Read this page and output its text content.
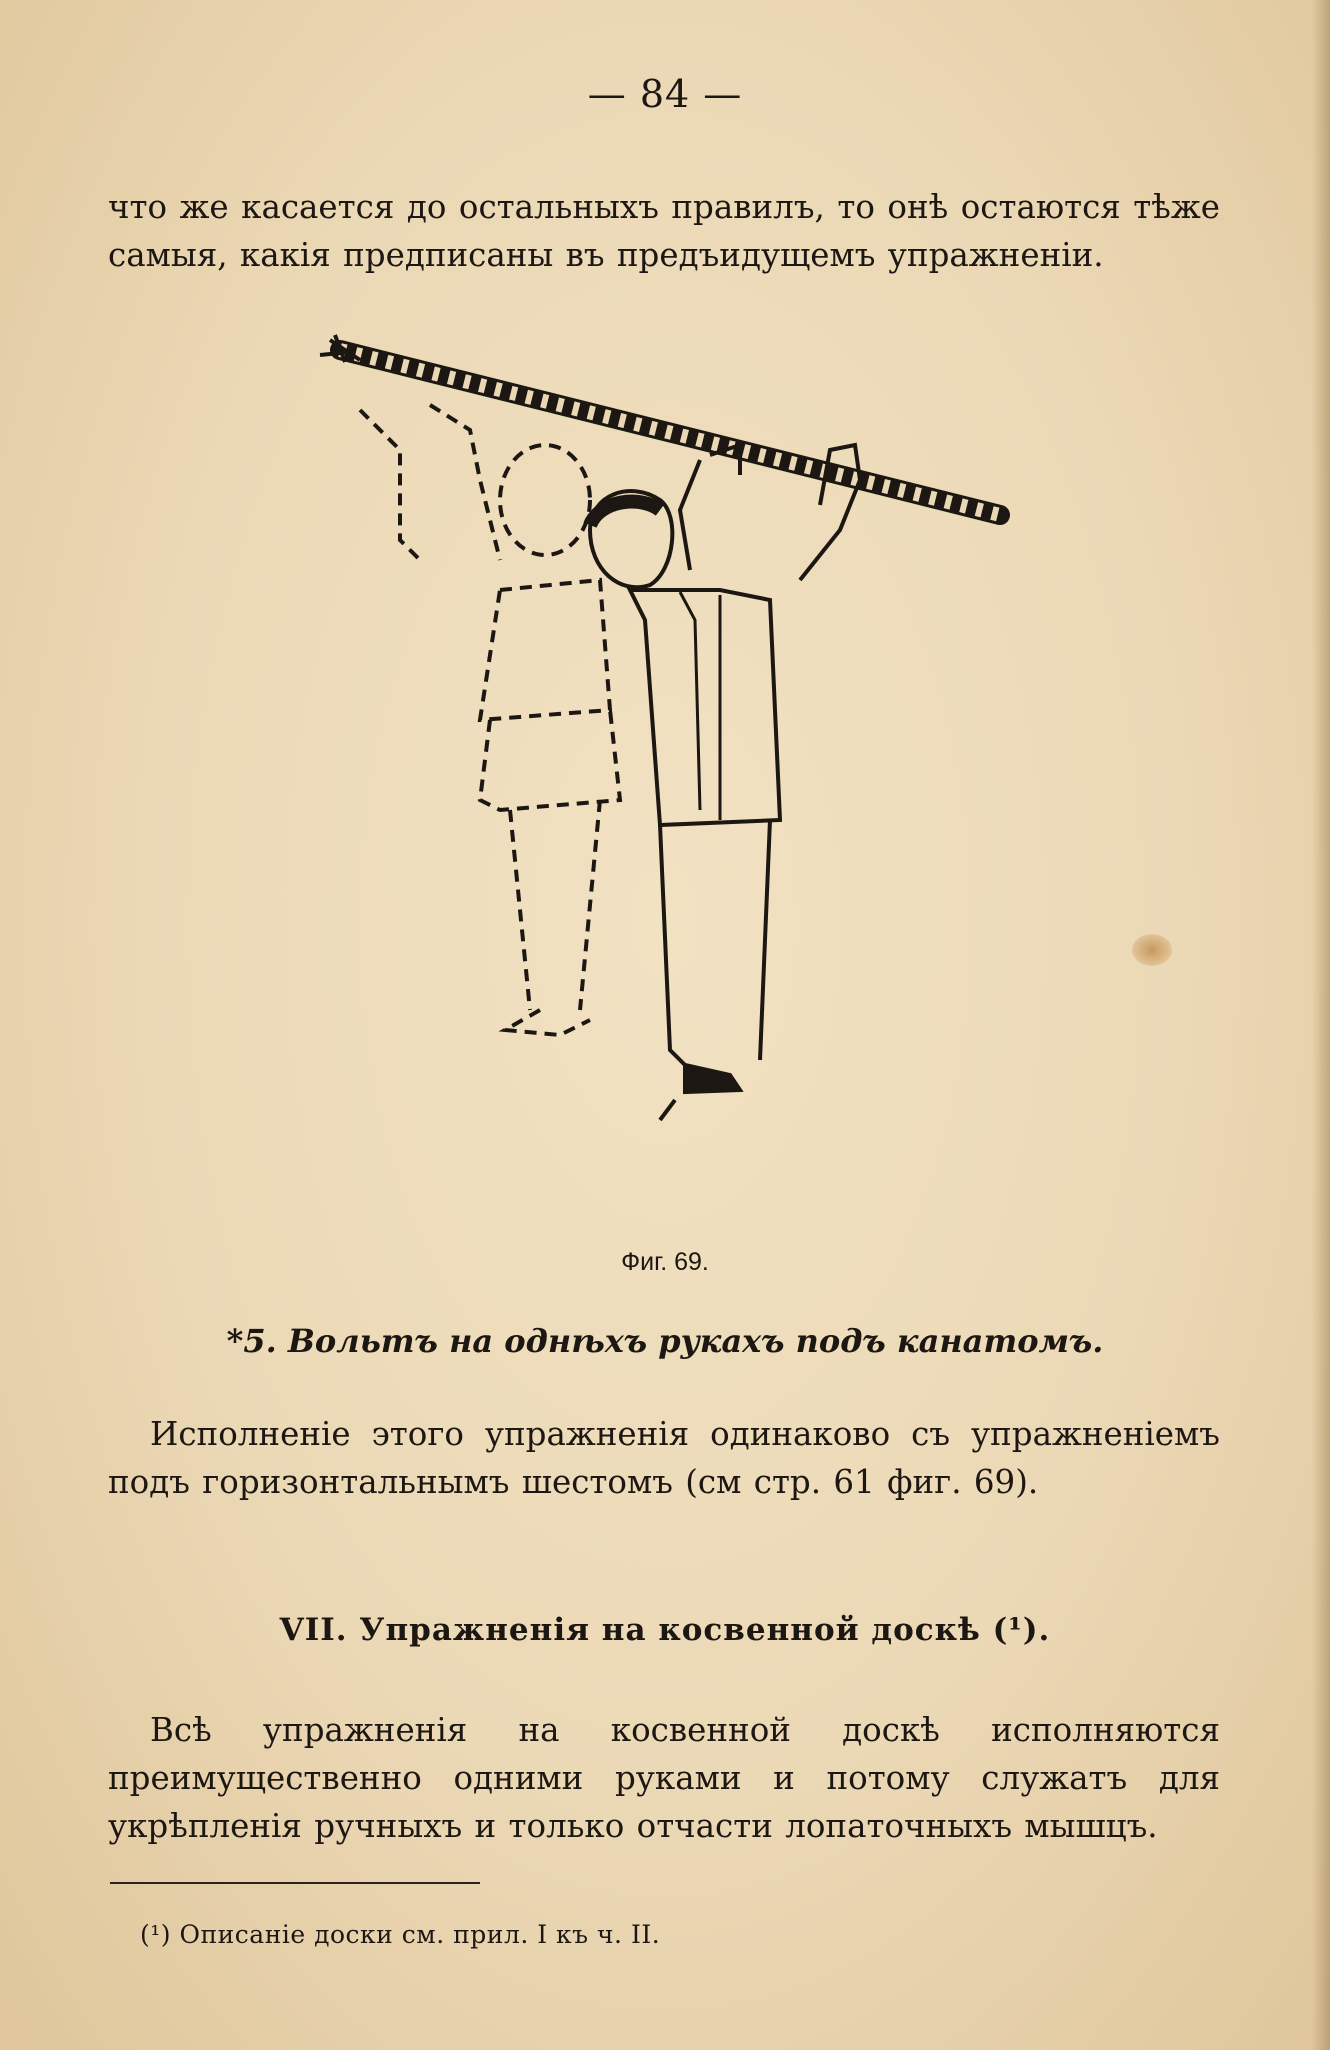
— 84 —
что же касается до остальныхъ правилъ, то онѣ остаются тѣже самыя, какія предписаны въ предъидущемъ упражненіи.
Фиг. 69.
*5. Вольтъ на однѣхъ рукахъ подъ канатомъ.
Исполненіе этого упражненія одинаково съ упражненіемъ подъ горизонтальнымъ шестомъ (см стр. 61 фиг. 69).
VII. Упражненія на косвенной доскѣ (¹).
Всѣ упражненія на косвенной доскѣ исполняются преимущественно одними руками и потому служатъ для укрѣпленія ручныхъ и только отчасти лопаточныхъ мышцъ.
(¹) Описаніе доски см. прил. I къ ч. II.
